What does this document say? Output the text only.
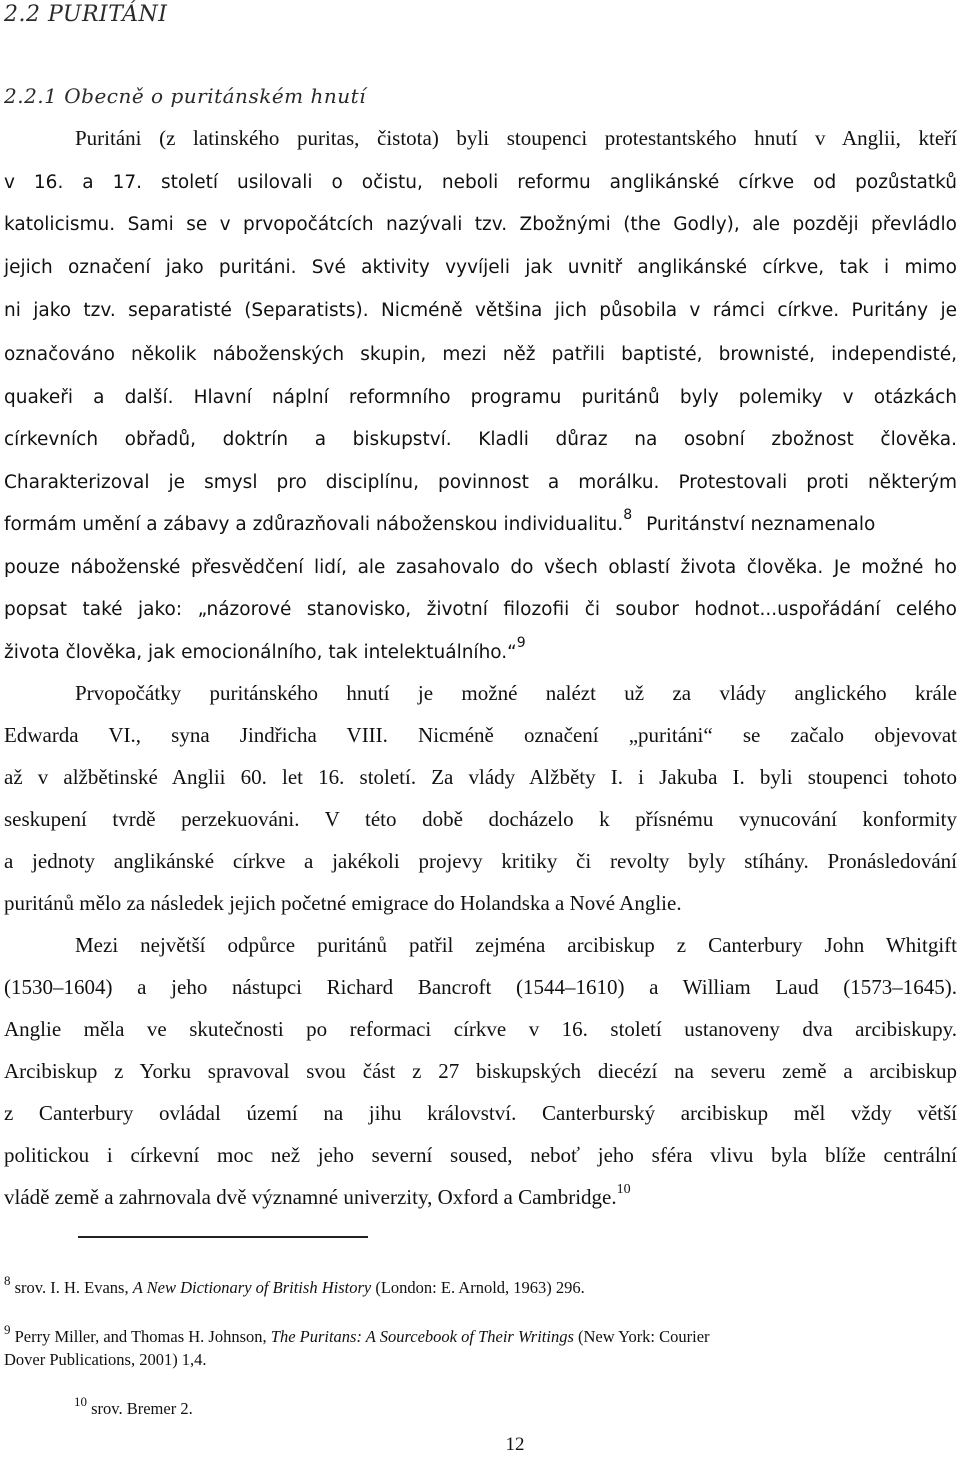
2.2 PURITÁNI
2.2.1 Obecně o puritánském hnutí
Puritáni (z latinského puritas, čistota) byli stoupenci protestantského hnutí v Anglii, kteří
v 16. a 17. století usilovali o očistu, neboli reformu anglikánské církve od pozůstatků
katolicismu. Sami se v prvopočátcích nazývali tzv. Zbožnými (the Godly), ale později převládlo
jejich označení jako puritáni. Své aktivity vyvíjeli jak uvnitř anglikánské církve, tak i mimo
ni jako tzv. separatisté (Separatists). Nicméně většina jich působila v rámci církve. Puritány je
označováno několik náboženských skupin, mezi něž patřili baptisté, brownisté, independisté,
quakeři a další. Hlavní náplní reformního programu puritánů byly polemiky v otázkách
církevních obřadů, doktrín a biskupství. Kladli důraz na osobní zbožnost člověka.
Charakterizoval je smysl pro disciplínu, povinnost a morálku. Protestovali proti některým
formám umění a zábavy a zdůrazňovali náboženskou individualitu.$^8$ Puritánství neznamenalo
pouze náboženské přesvědčení lidí, ale zasahovalo do všech oblastí života člověka. Je možné ho
popsat také jako: „názorové stanovisko, životní filozofii či soubor hodnot...uspořádání celého
života člověka, jak emocionálního, tak intelektuálního.“$^9$
Prvopočátky puritánského hnutí je možné nalézt už za vlády anglického krále
Edwarda VI., syna Jindřicha VIII. Nicméně označení „puritáni“ se začalo objevovat
až v alžbětinské Anglii 60. let 16. století. Za vlády Alžběty I. i Jakuba I. byli stoupenci tohoto
seskupení tvrdě perzekuováni. V této době docházelo k přísnému vynucování konformity
a jednoty anglikánské církve a jakékoli projevy kritiky či revolty byly stíhány. Pronásledování
puritánů mělo za následek jejich početné emigrace do Holandska a Nové Anglie.
Mezi největší odpůrce puritánů patřil zejména arcibiskup z Canterbury John Whitgift
(1530–1604) a jeho nástupci Richard Bancroft (1544–1610) a William Laud (1573–1645).
Anglie měla ve skutečnosti po reformaci církve v 16. století ustanoveny dva arcibiskupy.
Arcibiskup z Yorku spravoval svou část z 27 biskupských diecézí na severu země a arcibiskup
z Canterbury ovládal území na jihu království. Canterburský arcibiskup měl vždy větší
politickou i církevní moc než jeho severní soused, neboť jeho sféra vlivu byla blíže centrální
vládě země a zahrnovala dvě významné univerzity, Oxford a Cambridge.$^{10}$
$^8$ srov. I. H. Evans, A New Dictionary of British History (London: E. Arnold, 1963) 296.
$^9$ Perry Miller, and Thomas H. Johnson, The Puritans: A Sourcebook of Their Writings (New York: Courier
Dover Publications, 2001) 1,4.
$^{10}$ srov. Bremer 2.
12
